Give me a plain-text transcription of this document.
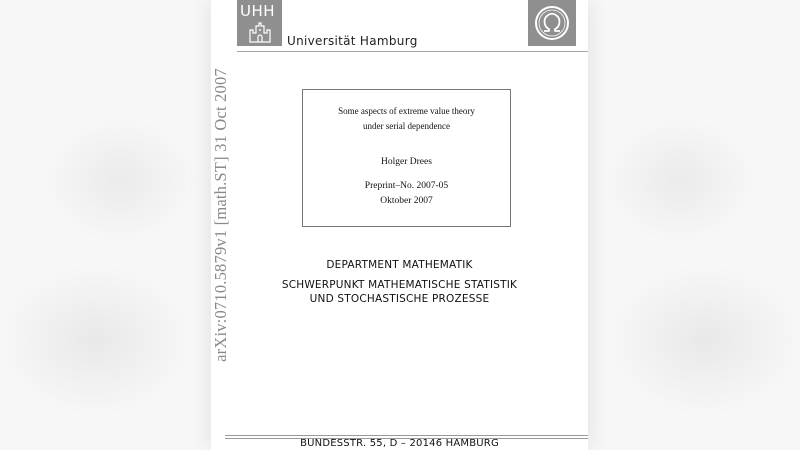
UHH
Universität Hamburg
arXiv:0710.5879v1 [math.ST] 31 Oct 2007	Some aspects of extreme value theory
under serial dependence
Holger Drees
Preprint–No. 2007-05
Oktober 2007
DEPARTMENT MATHEMATIK
SCHWERPUNKT MATHEMATISCHE STATISTIK
UND STOCHASTISCHE PROZESSE
BUNDESSTR. 55, D – 20146 HAMBURG
